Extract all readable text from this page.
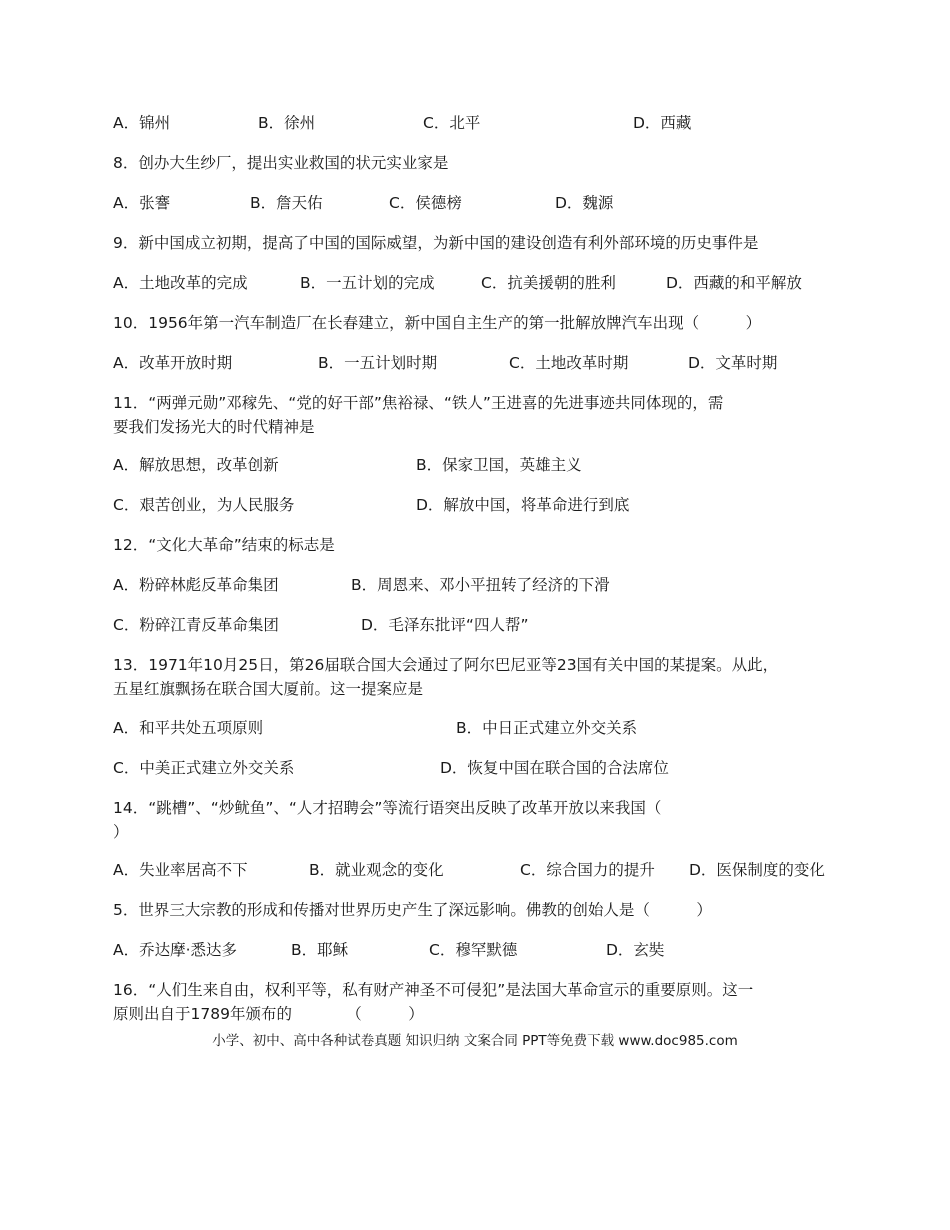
A．锦州	B．徐州	C．北平	D．西藏
8．创办大生纱厂，提出实业救国的状元实业家是
A．张謇	B．詹天佑	C．侯德榜	D．魏源
9．新中国成立初期，提高了中国的国际威望，为新中国的建设创造有利外部环境的历史事件是
A．土地改革的完成	B．一五计划的完成	C．抗美援朝的胜利	D．西藏的和平解放
10．1956年第一汽车制造厂在长春建立，新中国自主生产的第一批解放牌汽车出现（　　　）
A．改革开放时期	B．一五计划时期	C．土地改革时期	D．文革时期
11．“两弹元勋”邓稼先、“党的好干部”焦裕禄、“铁人”王进喜的先进事迹共同体现的，需
要我们发扬光大的时代精神是
A．解放思想，改革创新	B．保家卫国，英雄主义
C．艰苦创业，为人民服务	D．解放中国，将革命进行到底
12．“文化大革命”结束的标志是
A．粉碎林彪反革命集团	B．周恩来、邓小平扭转了经济的下滑
C．粉碎江青反革命集团	D．毛泽东批评“四人帮”
13．1971年10月25日，第26届联合国大会通过了阿尔巴尼亚等23国有关中国的某提案。从此，
五星红旗飘扬在联合国大厦前。这一提案应是
A．和平共处五项原则	B．中日正式建立外交关系
C．中美正式建立外交关系	D．恢复中国在联合国的合法席位
14．“跳槽”、“炒鱿鱼”、“人才招聘会”等流行语突出反映了改革开放以来我国（
）
A．失业率居高不下	B．就业观念的变化	C．综合国力的提升 D．医保制度的变化
5．世界三大宗教的形成和传播对世界历史产生了深远影响。佛教的创始人是（　　　）
A．乔达摩·悉达多	B．耶稣	C．穆罕默德	D．玄奘
16．“人们生来自由，权利平等，私有财产神圣不可侵犯”是法国大革命宣示的重要原则。这一
原则出自于1789年颁布的　　　　（　　　）
小学、初中、高中各种试卷真题 知识归纳 文案合同 PPT等免费下载 www.doc985.com
